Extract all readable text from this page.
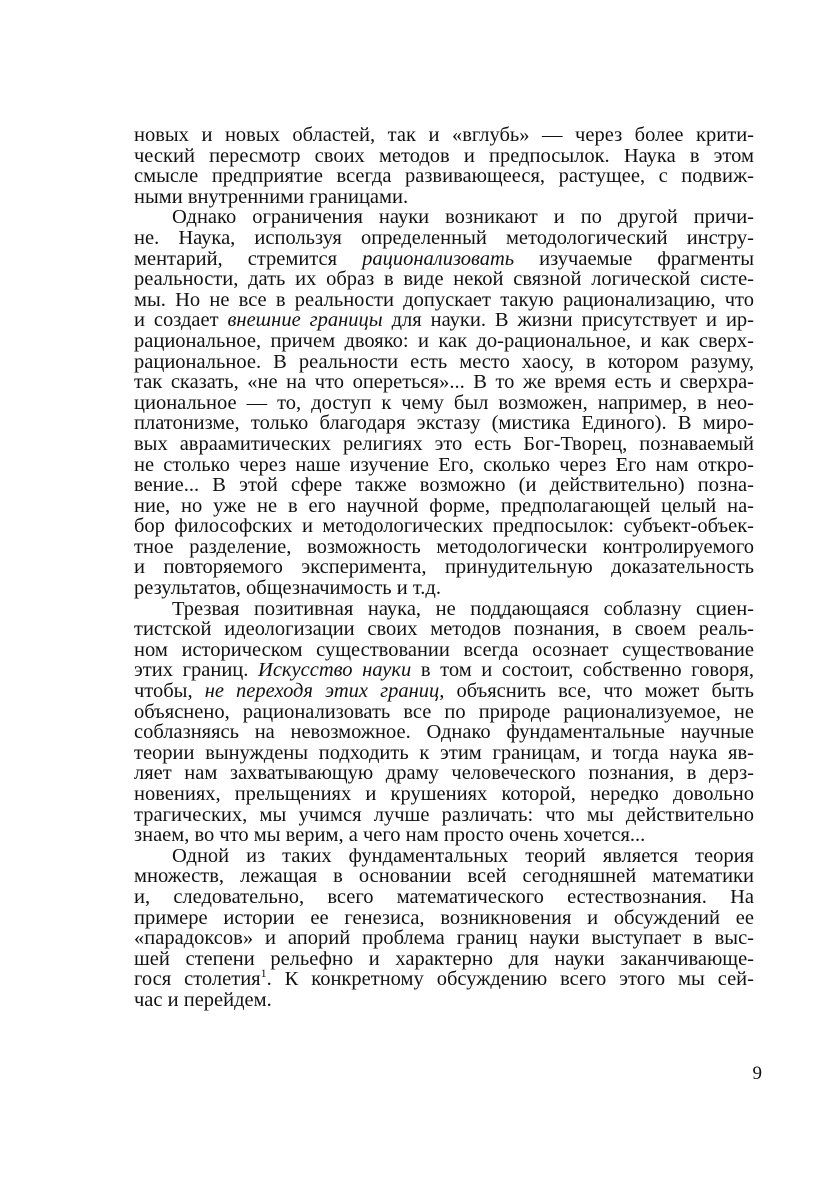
новых и новых областей, так и «вглубь» — через более крити-
ческий пересмотр своих методов и предпосылок. Наука в этом
смысле предприятие всегда развивающееся, растущее, с подвиж-
ными внутренними границами.
Однако ограничения науки возникают и по другой причи-
не. Наука, используя определенный методологический инстру-
ментарий, стремится рационализовать изучаемые фрагменты
реальности, дать их образ в виде некой связной логической систе-
мы. Но не все в реальности допускает такую рационализацию, что
и создает внешние границы для науки. В жизни присутствует и ир-
рациональное, причем двояко: и как до-рациональное, и как сверх-
рациональное. В реальности есть место хаосу, в котором разуму,
так сказать, «не на что опереться»... В то же время есть и сверхра-
циональное — то, доступ к чему был возможен, например, в нео-
платонизме, только благодаря экстазу (мистика Единого). В миро-
вых авраамитических религиях это есть Бог-Творец, познаваемый
не столько через наше изучение Его, сколько через Его нам откро-
вение... В этой сфере также возможно (и действительно) позна-
ние, но уже не в его научной форме, предполагающей целый на-
бор философских и методологических предпосылок: субъект-объек-
тное разделение, возможность методологически контролируемого
и повторяемого эксперимента, принудительную доказательность
результатов, общезначимость и т.д.
Трезвая позитивная наука, не поддающаяся соблазну сциен-
тистской идеологизации своих методов познания, в своем реаль-
ном историческом существовании всегда осознает существование
этих границ. Искусство науки в том и состоит, собственно говоря,
чтобы, не переходя этих границ, объяснить все, что может быть
объяснено, рационализовать все по природе рационализуемое, не
соблазняясь на невозможное. Однако фундаментальные научные
теории вынуждены подходить к этим границам, и тогда наука яв-
ляет нам захватывающую драму человеческого познания, в дерз-
новениях, прельщениях и крушениях которой, нередко довольно
трагических, мы учимся лучше различать: что мы действительно
знаем, во что мы верим, а чего нам просто очень хочется...
Одной из таких фундаментальных теорий является теория
множеств, лежащая в основании всей сегодняшней математики
и, следовательно, всего математического естествознания. На
примере истории ее генезиса, возникновения и обсуждений ее
«парадоксов» и апорий проблема границ науки выступает в выс-
шей степени рельефно и характерно для науки заканчивающе-
гося столетия$^1$. К конкретному обсуждению всего этого мы сей-
час и перейдем.
9
